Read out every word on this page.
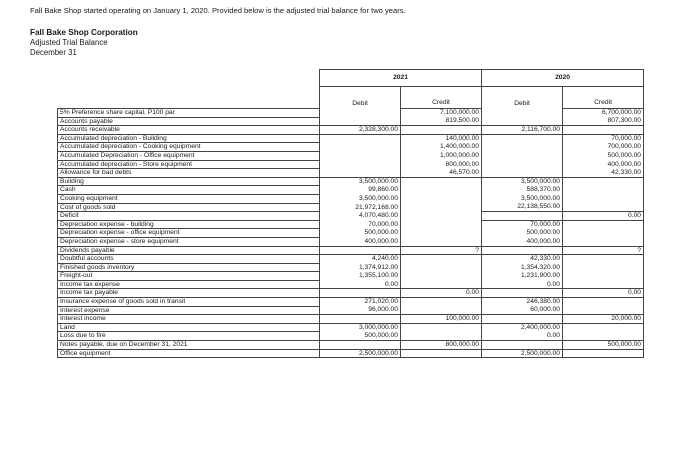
Fall Bake Shop started operating on January 1, 2020. Provided below is the adjusted trial balance for two years.
Fall Bake Shop Corporation
Adjusted Trial Balance
December 31
	2021		2020	
	Debit	Credit	Debit	Credit
5% Preference share capital, P100 par		7,100,000.00		6,700,000.00
Accounts payable		819,500.00		807,300.00
Accounts receivable	2,328,300.00		2,116,700.00	
Accumulated depreciation - Building		140,000.00		70,000.00
Accumulated depreciation - Cooking equipment		1,400,000.00		700,000.00
Accumulated Depreciation - Office equipment		1,000,000.00		500,000.00
Accumulated depreciation - Store equipment		800,000.00		400,000.00
Allowance for bad debts		46,570.00		42,330.00
Building	3,500,000.00		3,500,000.00	
Cash	99,860.00		588,370.00	
Cooking equipment	3,500,000.00		3,500,000.00	
Cost of goods sold	21,972,168.00		22,138,550.00	
Deficit	4,070,480.00			0.00
Depreciation expense - building	70,000.00		70,000.00	
Depreciation expense - office equipment	500,000.00		500,000.00	
Depreciation expense - store equipment	400,000.00		400,000.00	
Dividends payable		?		?
Doubtful accounts	4,240.00		42,330.00	
Finished goods inventory	1,374,912.00		1,354,320.00	
Freight-out	1,355,100.00		1,231,900.00	
Income tax expense	0.00		0.00	
Income tax payable		0.00		0.00
Insurance expense of goods sold in transit	271,020.00		246,380.00	
Interest expense	96,000.00		60,000.00	
Interest income		100,000.00		20,000.00
Land	3,000,000.00		2,400,000.00	
Loss due to fire	500,000.00		0.00	
Notes payable, due on December 31, 2021		800,000.00		500,000.00
Office equipment	2,500,000.00		2,500,000.00	
